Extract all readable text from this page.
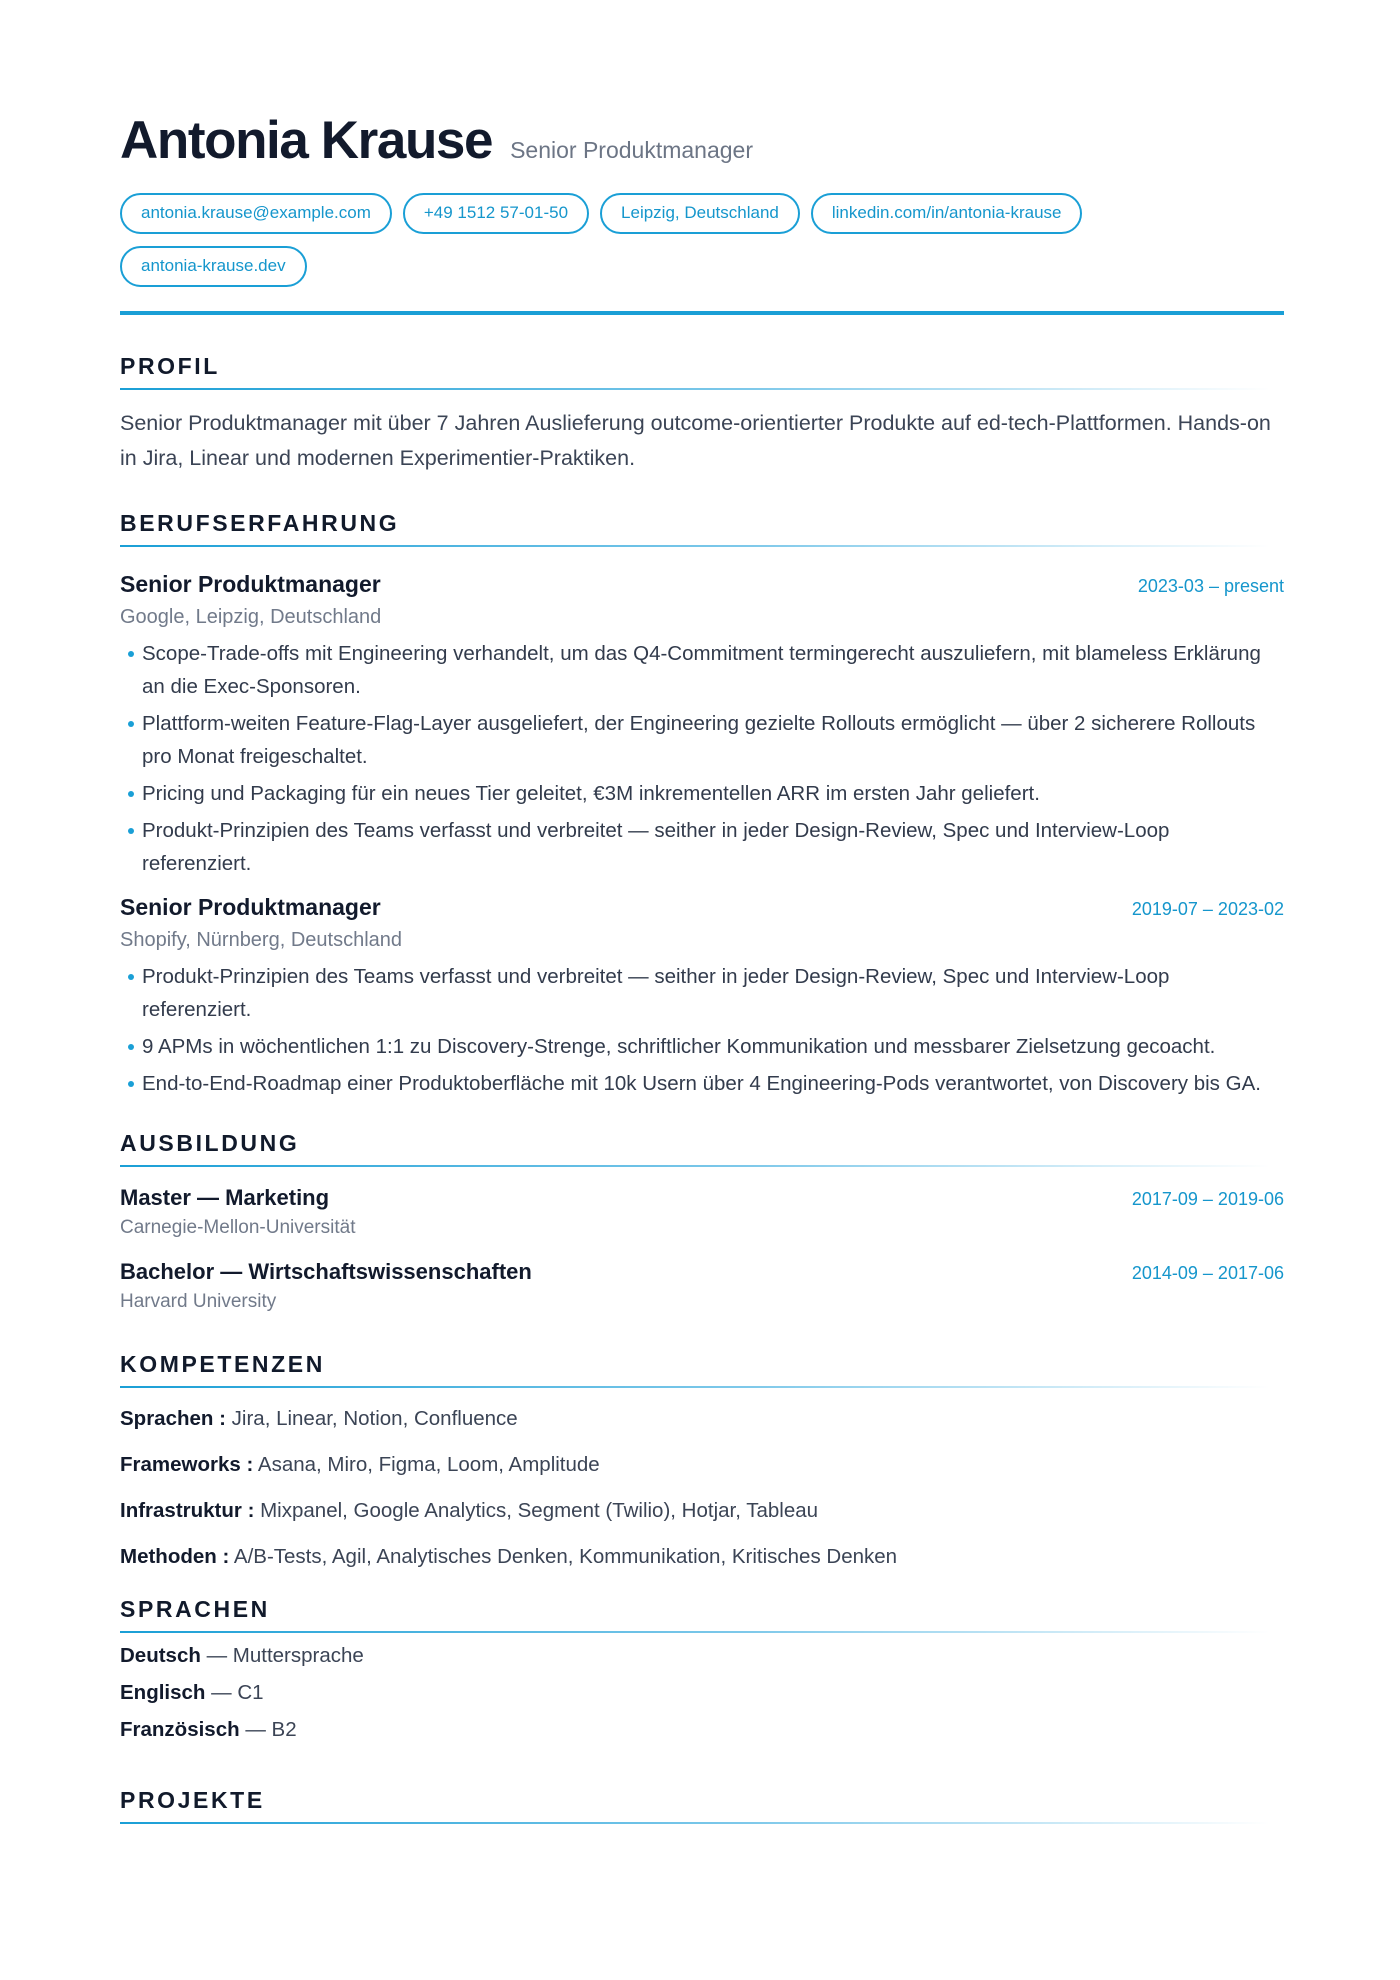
Antonia Krause Senior Produktmanager
antonia.krause@example.com	+49 1512 57-01-50	Leipzig, Deutschland	linkedin.com/in/antonia-krause
antonia-krause.dev
PROFIL

Senior Produktmanager mit über 7 Jahren Auslieferung outcome-orientierter Produkte auf ed-tech-Plattformen. Hands-on in Jira, Linear und modernen Experimentier-Praktiken.

BERUFSERFAHRUNG
Senior Produktmanager	2023-03 – present
Google, Leipzig, Deutschland
Scope-Trade-offs mit Engineering verhandelt, um das Q4-Commitment termingerecht auszuliefern, mit blameless Erklärung an die Exec-Sponsoren.
Plattform-weiten Feature-Flag-Layer ausgeliefert, der Engineering gezielte Rollouts ermöglicht — über 2 sicherere Rollouts pro Monat freigeschaltet.
Pricing und Packaging für ein neues Tier geleitet, €3M inkrementellen ARR im ersten Jahr geliefert.
Produkt-Prinzipien des Teams verfasst und verbreitet — seither in jeder Design-Review, Spec und Interview-Loop referenziert.
Senior Produktmanager	2019-07 – 2023-02
Shopify, Nürnberg, Deutschland
Produkt-Prinzipien des Teams verfasst und verbreitet — seither in jeder Design-Review, Spec und Interview-Loop referenziert.
9 APMs in wöchentlichen 1:1 zu Discovery-Strenge, schriftlicher Kommunikation und messbarer Zielsetzung gecoacht.
End-to-End-Roadmap einer Produktoberfläche mit 10k Usern über 4 Engineering-Pods verantwortet, von Discovery bis GA.
AUSBILDUNG
Master — Marketing	2017-09 – 2019-06
Carnegie-Mellon-Universität
Bachelor — Wirtschaftswissenschaften	2014-09 – 2017-06
Harvard University
KOMPETENZEN
Sprachen : Jira, Linear, Notion, Confluence
Frameworks : Asana, Miro, Figma, Loom, Amplitude
Infrastruktur : Mixpanel, Google Analytics, Segment (Twilio), Hotjar, Tableau
Methoden : A/B-Tests, Agil, Analytisches Denken, Kommunikation, Kritisches Denken
SPRACHEN
Deutsch — Muttersprache
Englisch — C1
Französisch — B2
PROJEKTE
